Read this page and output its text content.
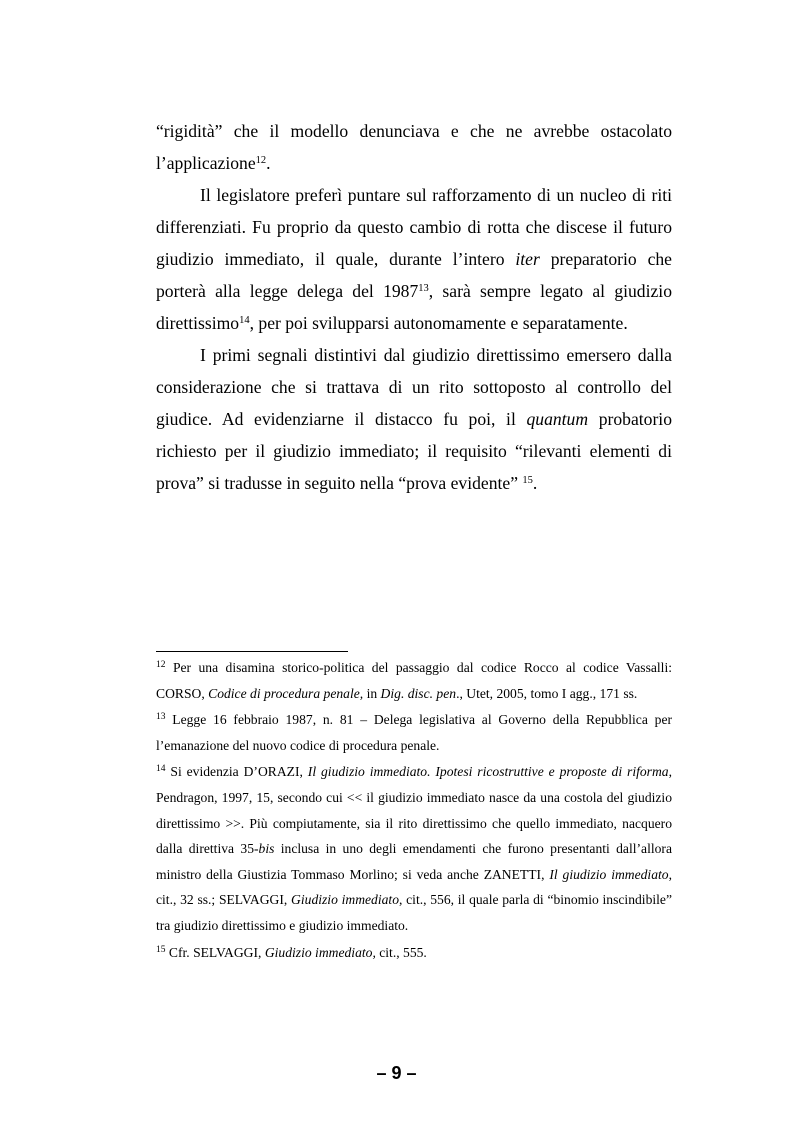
“rigidità” che il modello denunciava e che ne avrebbe ostacolato l’applicazione$^{12}$.

Il legislatore preferì puntare sul rafforzamento di un nucleo di riti differenziati. Fu proprio da questo cambio di rotta che discese il futuro giudizio immediato, il quale, durante l’intero iter preparatorio che porterà alla legge delega del 1987$^{13}$, sarà sempre legato al giudizio direttissimo$^{14}$, per poi svilupparsi autonomamente e separatamente.

I primi segnali distintivi dal giudizio direttissimo emersero dalla considerazione che si trattava di un rito sottoposto al controllo del giudice. Ad evidenziarne il distacco fu poi, il quantum probatorio richiesto per il giudizio immediato; il requisito “rilevanti elementi di prova” si tradusse in seguito nella “prova evidente” $^{15}$.

$^{12}$ Per una disamina storico-politica del passaggio dal codice Rocco al codice Vassalli: CORSO, Codice di procedura penale, in Dig. disc. pen., Utet, 2005, tomo I agg., 171 ss.

$^{13}$ Legge 16 febbraio 1987, n. 81 – Delega legislativa al Governo della Repubblica per l’emanazione del nuovo codice di procedura penale.

$^{14}$ Si evidenzia D’ORAZI, Il giudizio immediato. Ipotesi ricostruttive e proposte di riforma, Pendragon, 1997, 15, secondo cui << il giudizio immediato nasce da una costola del giudizio direttissimo >>. Più compiutamente, sia il rito direttissimo che quello immediato, nacquero dalla direttiva 35-bis inclusa in uno degli emendamenti che furono presentanti dall’allora ministro della Giustizia Tommaso Morlino; si veda anche ZANETTI, Il giudizio immediato, cit., 32 ss.; SELVAGGI, Giudizio immediato, cit., 556, il quale parla di “binomio inscindibile” tra giudizio direttissimo e giudizio immediato.

$^{15}$ Cfr. SELVAGGI, Giudizio immediato, cit., 555.

– 9 –
